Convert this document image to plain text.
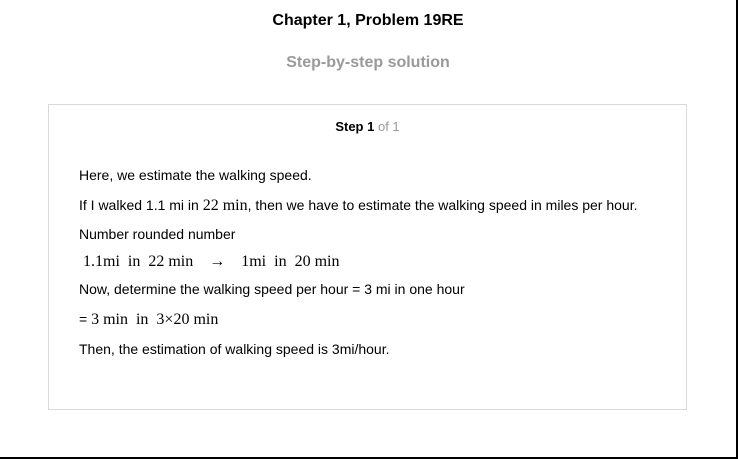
Chapter 1, Problem 19RE
Step-by-step solution
Step 1 of 1
Here, we estimate the walking speed.
If I walked 1.1 mi in 22 min, then we have to estimate the walking speed in miles per hour.
Number rounded number
1.1mi  in  22 min → 1mi  in  20 min
Now, determine the walking speed per hour = 3 mi in one hour
= 3 min  in  3×20 min
Then, the estimation of walking speed is 3mi/hour.
